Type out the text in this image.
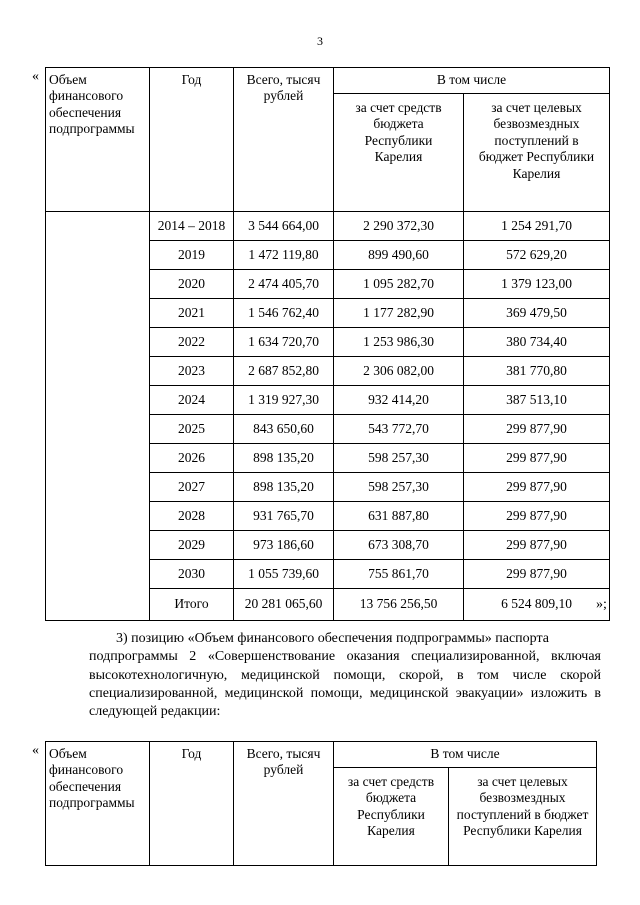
3
« Объем финансового обеспечения подпрограммы	Год	Всего, тысяч рублей	В том числе	
			за счет средств бюджета Республики Карелия	за счет целевых безвозмездных поступлений в бюджет Республики Карелия
	2014 – 2018	3 544 664,00	2 290 372,30	1 254 291,70
	2019	1 472 119,80	899 490,60	572 629,20
	2020	2 474 405,70	1 095 282,70	1 379 123,00
	2021	1 546 762,40	1 177 282,90	369 479,50
	2022	1 634 720,70	1 253 986,30	380 734,40
	2023	2 687 852,80	2 306 082,00	381 770,80
	2024	1 319 927,30	932 414,20	387 513,10
	2025	843 650,60	543 772,70	299 877,90
	2026	898 135,20	598 257,30	299 877,90
	2027	898 135,20	598 257,30	299 877,90
	2028	931 765,70	631 887,80	299 877,90
	2029	973 186,60	673 308,70	299 877,90
	2030	1 055 739,60	755 861,70	299 877,90
	Итого	20 281 065,60	13 756 256,50	6 524 809,10 »;
3) позицию «Объем финансового обеспечения подпрограммы» паспорта
подпрограммы 2 «Совершенствование оказания специализированной, включая высокотехнологичную, медицинской помощи, скорой, в том числе скорой специализированной, медицинской помощи, медицинской эвакуации» изложить в следующей редакции:
« Объем финансового обеспечения подпрограммы	Год	Всего, тысяч рублей	В том числе	
			за счет средств бюджета Республики Карелия	за счет целевых безвозмездных поступлений в бюджет Республики Карелия
